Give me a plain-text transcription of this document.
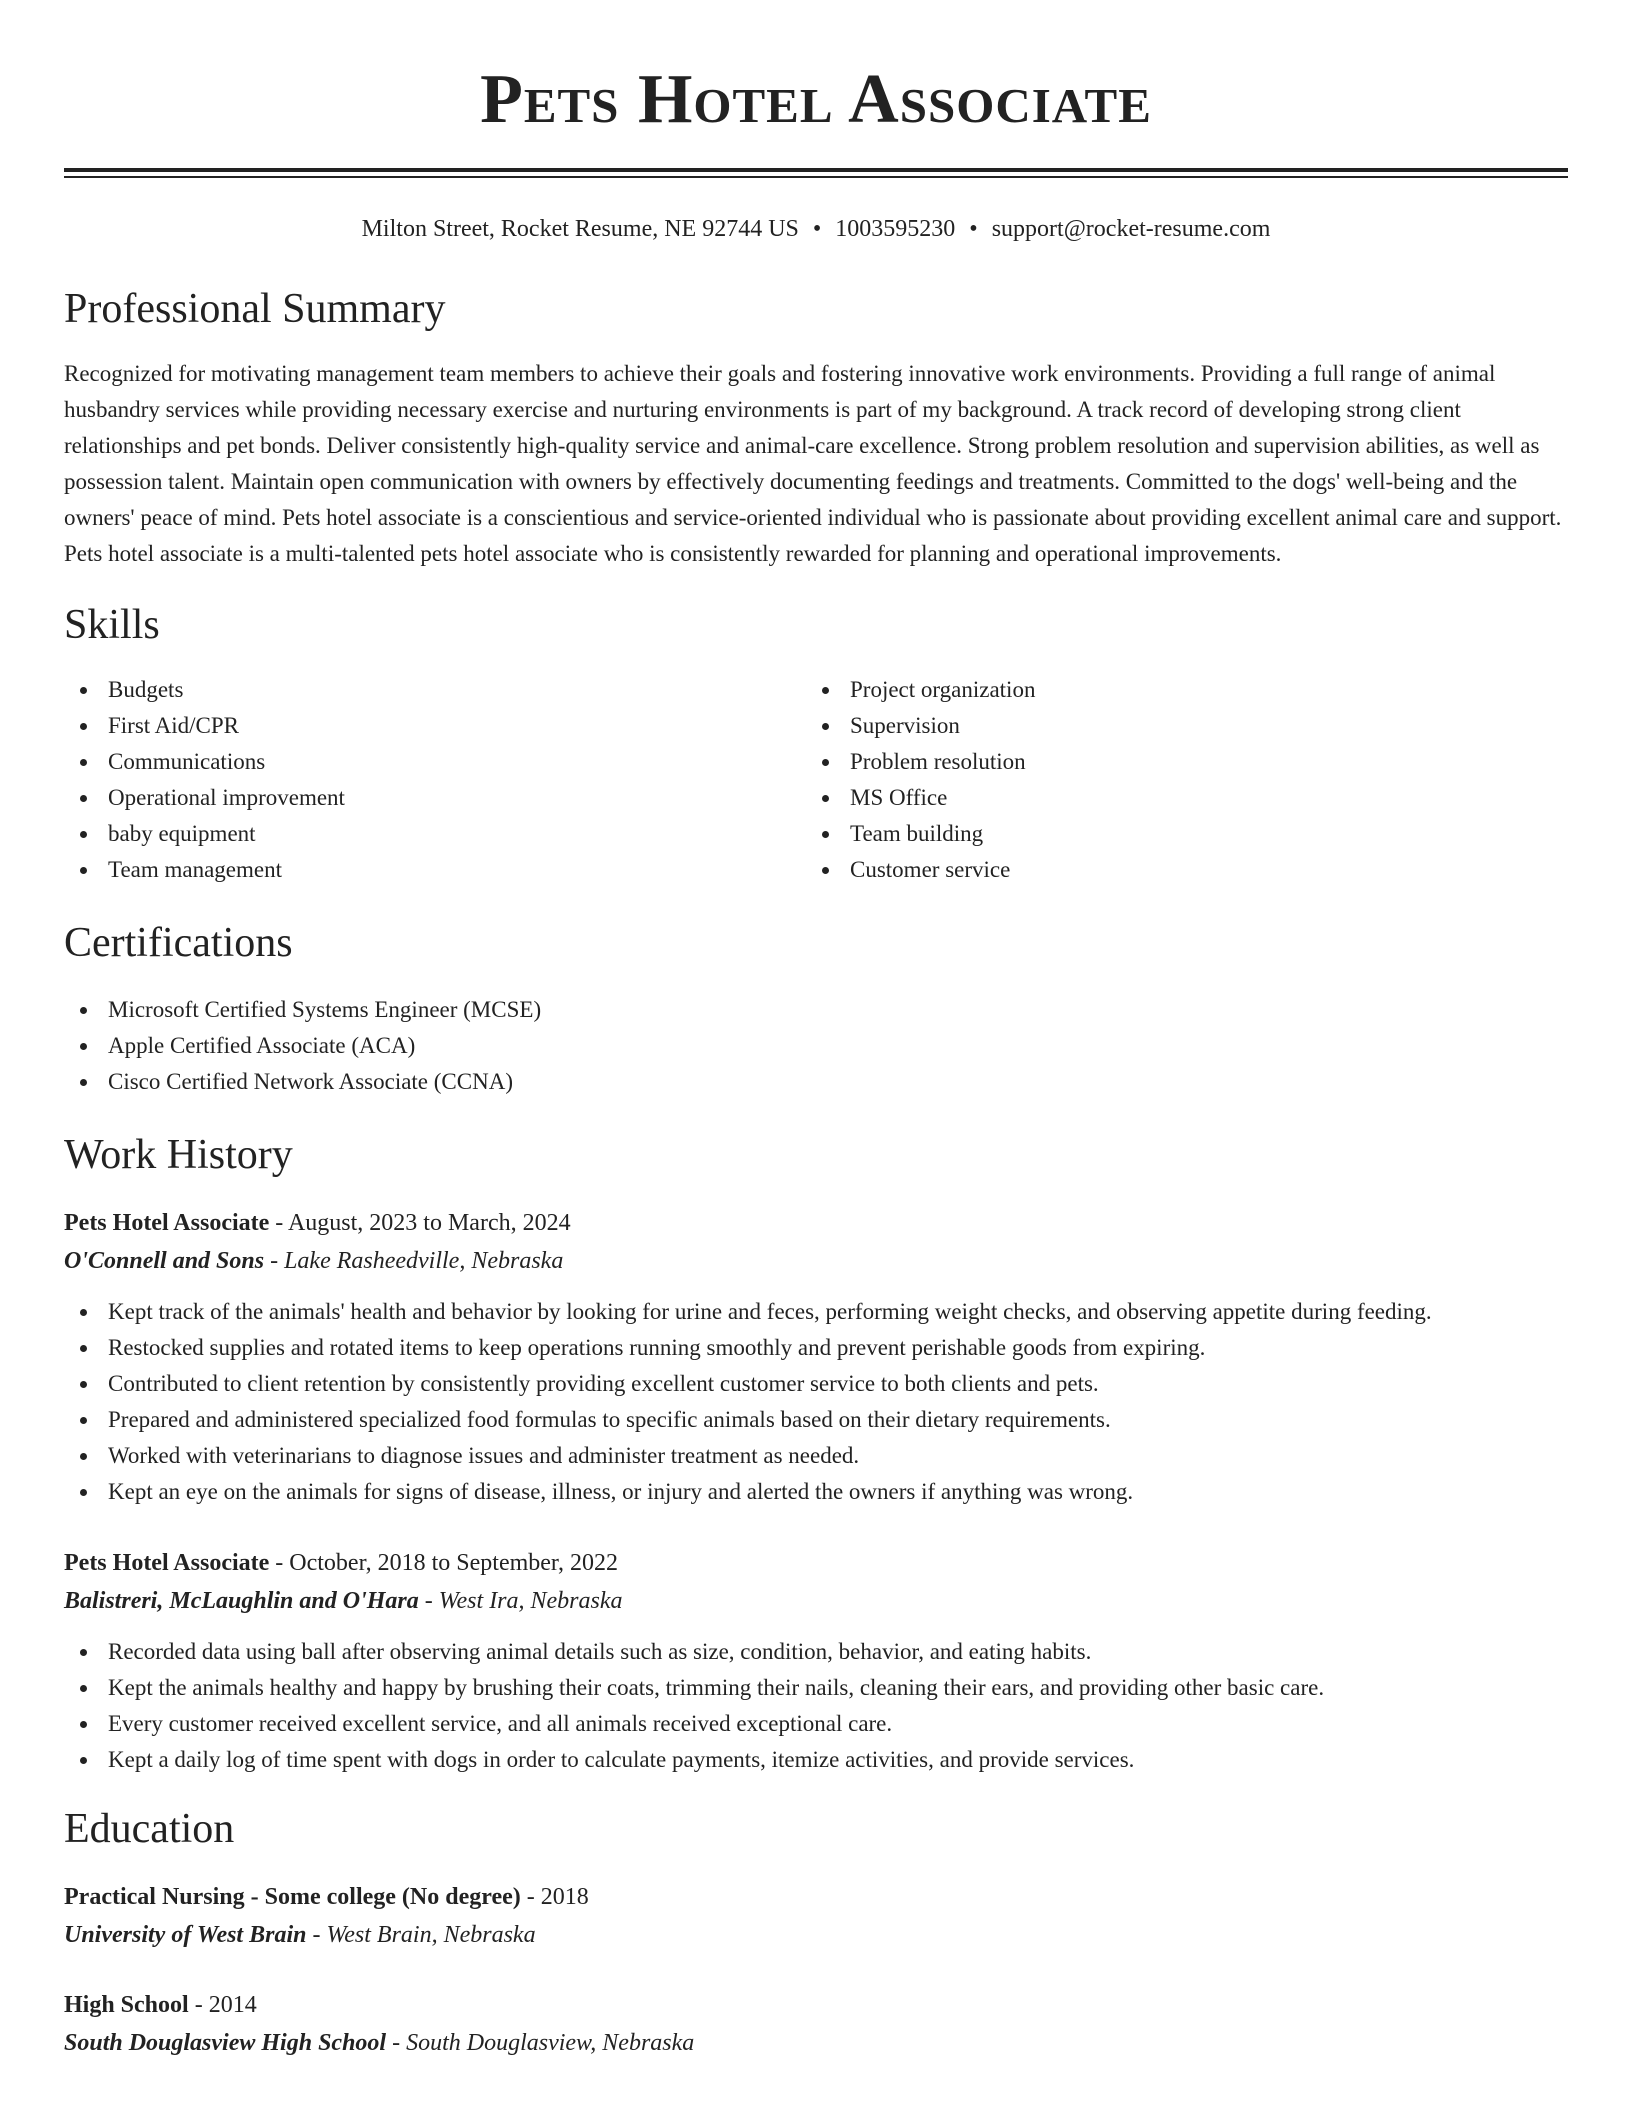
Pets Hotel Associate
Milton Street, Rocket Resume, NE 92744 US • 1003595230 • support@rocket-resume.com
Professional Summary

Recognized for motivating management team members to achieve their goals and fostering innovative work environments. Providing a full range of animal husbandry services while providing necessary exercise and nurturing environments is part of my background. A track record of developing strong client relationships and pet bonds. Deliver consistently high-quality service and animal-care excellence. Strong problem resolution and supervision abilities, as well as possession talent. Maintain open communication with owners by effectively documenting feedings and treatments. Committed to the dogs' well-being and the owners' peace of mind. Pets hotel associate is a conscientious and service-oriented individual who is passionate about providing excellent animal care and support. Pets hotel associate is a multi-talented pets hotel associate who is consistently rewarded for planning and operational improvements.

Skills
Budgets
First Aid/CPR
Communications
Operational improvement
baby equipment
Team management
Project organization
Supervision
Problem resolution
MS Office
Team building
Customer service
Certifications
Microsoft Certified Systems Engineer (MCSE)
Apple Certified Associate (ACA)
Cisco Certified Network Associate (CCNA)
Work History
Pets Hotel Associate - August, 2023 to March, 2024
O'Connell and Sons - Lake Rasheedville, Nebraska
Kept track of the animals' health and behavior by looking for urine and feces, performing weight checks, and observing appetite during feeding.
Restocked supplies and rotated items to keep operations running smoothly and prevent perishable goods from expiring.
Contributed to client retention by consistently providing excellent customer service to both clients and pets.
Prepared and administered specialized food formulas to specific animals based on their dietary requirements.
Worked with veterinarians to diagnose issues and administer treatment as needed.
Kept an eye on the animals for signs of disease, illness, or injury and alerted the owners if anything was wrong.
Pets Hotel Associate - October, 2018 to September, 2022
Balistreri, McLaughlin and O'Hara - West Ira, Nebraska
Recorded data using ball after observing animal details such as size, condition, behavior, and eating habits.
Kept the animals healthy and happy by brushing their coats, trimming their nails, cleaning their ears, and providing other basic care.
Every customer received excellent service, and all animals received exceptional care.
Kept a daily log of time spent with dogs in order to calculate payments, itemize activities, and provide services.
Education
Practical Nursing - Some college (No degree) - 2018
University of West Brain - West Brain, Nebraska
High School - 2014
South Douglasview High School - South Douglasview, Nebraska
